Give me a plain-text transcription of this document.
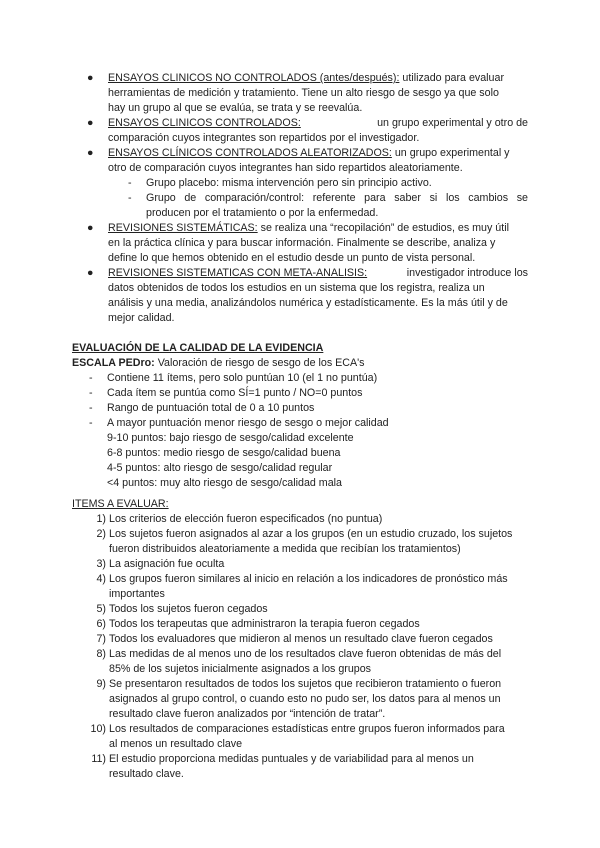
● ENSAYOS CLINICOS NO CONTROLADOS (antes/después): utilizado para evaluar
herramientas de medición y tratamiento. Tiene un alto riesgo de sesgo ya que solo
hay un grupo al que se evalúa, se trata y se reevalúa.
● ENSAYOS CLINICOS CONTROLADOS:	un grupo experimental y otro de
comparación cuyos integrantes son repartidos por el investigador.
● ENSAYOS CLÍNICOS CONTROLADOS ALEATORIZADOS: un grupo experimental y
otro de comparación cuyos integrantes han sido repartidos aleatoriamente.
- Grupo placebo: misma intervención pero sin principio activo.
- Grupo de comparación/control: referente para saber si los cambios se
producen por el tratamiento o por la enfermedad.
● REVISIONES SISTEMÁTICAS: se realiza una “recopilación” de estudios, es muy útil
en la práctica clínica y para buscar información. Finalmente se describe, analiza y
define lo que hemos obtenido en el estudio desde un punto de vista personal.
● REVISIONES SISTEMATICAS CON META-ANALISIS:	investigador introduce los
datos obtenidos de todos los estudios en un sistema que los registra, realiza un
análisis y una media, analizándolos numérica y estadísticamente. Es la más útil y de
mejor calidad.
EVALUACIÓN DE LA CALIDAD DE LA EVIDENCIA
ESCALA PEDro: Valoración de riesgo de sesgo de los ECA's
- Contiene 11 ítems, pero solo puntúan 10 (el 1 no puntúa)
- Cada ítem se puntúa como SÍ=1 punto / NO=0 puntos
- Rango de puntuación total de 0 a 10 puntos
- A mayor puntuación menor riesgo de sesgo o mejor calidad
9-10 puntos: bajo riesgo de sesgo/calidad excelente
6-8 puntos: medio riesgo de sesgo/calidad buena
4-5 puntos: alto riesgo de sesgo/calidad regular
<4 puntos: muy alto riesgo de sesgo/calidad mala
ITEMS A EVALUAR:
1) Los criterios de elección fueron especificados (no puntua)
2) Los sujetos fueron asignados al azar a los grupos (en un estudio cruzado, los sujetos
fueron distribuidos aleatoriamente a medida que recibían los tratamientos)
3) La asignación fue oculta
4) Los grupos fueron similares al inicio en relación a los indicadores de pronóstico más
importantes
5) Todos los sujetos fueron cegados
6) Todos los terapeutas que administraron la terapia fueron cegados
7) Todos los evaluadores que midieron al menos un resultado clave fueron cegados
8) Las medidas de al menos uno de los resultados clave fueron obtenidas de más del
85% de los sujetos inicialmente asignados a los grupos
9) Se presentaron resultados de todos los sujetos que recibieron tratamiento o fueron
asignados al grupo control, o cuando esto no pudo ser, los datos para al menos un
resultado clave fueron analizados por “intención de tratar”.
10) Los resultados de comparaciones estadísticas entre grupos fueron informados para
al menos un resultado clave
11) El estudio proporciona medidas puntuales y de variabilidad para al menos un
resultado clave.
